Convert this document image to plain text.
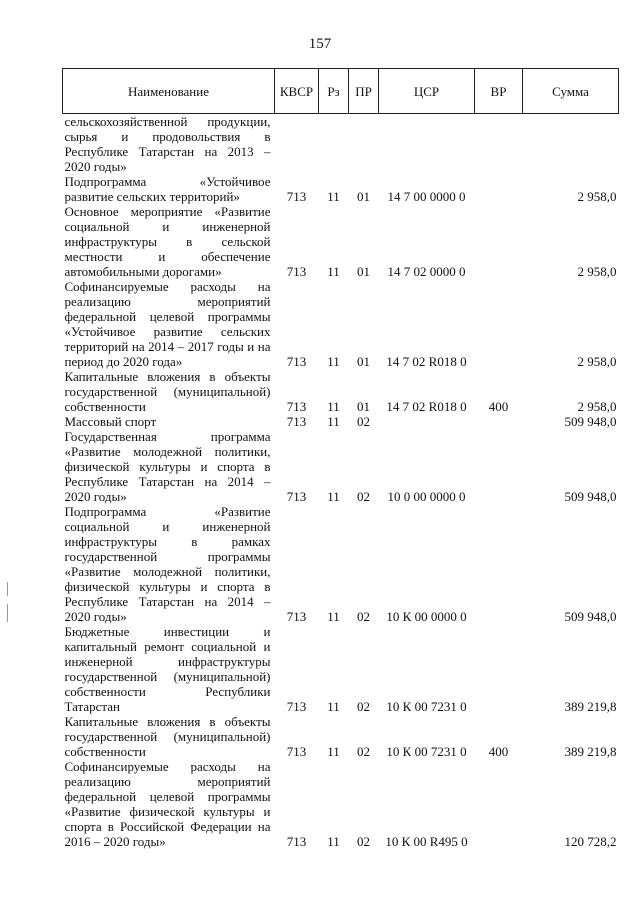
157
Наименование	КВСР	Рз	ПР	ЦСР	ВР	Сумма
сельскохозяйственной продукции, сырья и продовольствия в Республике Татарстан на 2013 – 2020 годы»						
Подпрограмма «Устойчивое развитие сельских территорий»	713	11	01	14 7 00 0000 0		2 958,0
Основное мероприятие «Развитие социальной и инженерной инфраструктуры в сельской местности и обеспечение автомобильными дорогами»	713	11	01	14 7 02 0000 0		2 958,0
Софинансируемые расходы на реализацию мероприятий федеральной целевой программы «Устойчивое развитие сельских территорий на 2014 – 2017 годы и на период до 2020 года»	713	11	01	14 7 02 R018 0		2 958,0
Капитальные вложения в объекты государственной (муниципальной) собственности	713	11	01	14 7 02 R018 0	400	2 958,0
Массовый спорт	713	11	02			509 948,0
Государственная программа «Развитие молодежной политики, физической культуры и спорта в Республике Татарстан на 2014 – 2020 годы»	713	11	02	10 0 00 0000 0		509 948,0
Подпрограмма «Развитие социальной и инженерной инфраструктуры в рамках государственной программы «Развитие молодежной политики, физической культуры и спорта в Республике Татарстан на 2014 – 2020 годы»	713	11	02	10 К 00 0000 0		509 948,0
Бюджетные инвестиции и капитальный ремонт социальной и инженерной инфраструктуры государственной (муниципальной) собственности Республики Татарстан	713	11	02	10 К 00 7231 0		389 219,8
Капитальные вложения в объекты государственной (муниципальной) собственности	713	11	02	10 К 00 7231 0	400	389 219,8
Софинансируемые расходы на реализацию мероприятий федеральной целевой программы «Развитие физической культуры и спорта в Российской Федерации на 2016 – 2020 годы»	713	11	02	10 К 00 R495 0		120 728,2
